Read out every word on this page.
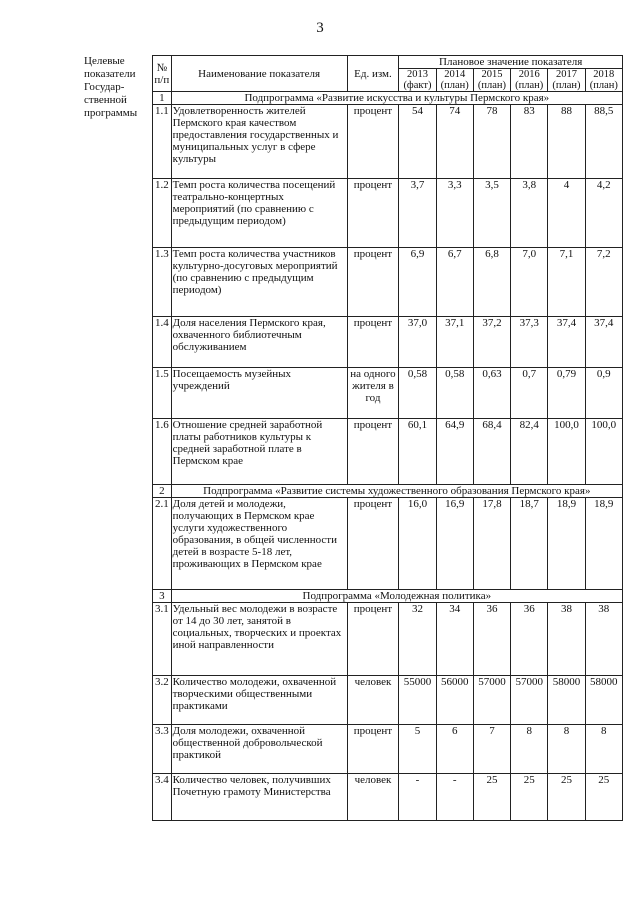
3
Целевые показатели Государ-ственной программы
№ п/п	Наименование показателя	Ед. изм.	Плановое значение показателя					
			2013 (факт)	2014 (план)	2015 (план)	2016 (план)	2017 (план)	2018 (план)
1	Подпрограмма «Развитие искусства и культуры Пермского края»							
1.1	Удовлетворенность жителей Пермского края качеством предоставления государственных и муниципальных услуг в сфере культуры	процент	54	74	78	83	88	88,5
1.2	Темп роста количества посещений театрально-концертных мероприятий (по сравнению с предыдущим периодом)	процент	3,7	3,3	3,5	3,8	4	4,2
1.3	Темп роста количества участников культурно-досуговых мероприятий (по сравнению с предыдущим периодом)	процент	6,9	6,7	6,8	7,0	7,1	7,2
1.4	Доля населения Пермского края, охваченного библиотечным обслуживанием	процент	37,0	37,1	37,2	37,3	37,4	37,4
1.5	Посещаемость музейных учреждений	на одного жителя в год	0,58	0,58	0,63	0,7	0,79	0,9
1.6	Отношение средней заработной платы работников культуры к средней заработной плате в Пермском крае	процент	60,1	64,9	68,4	82,4	100,0	100,0
2	Подпрограмма «Развитие системы художественного образования Пермского края»							
2.1	Доля детей и молодежи, получающих в Пермском крае услуги художественного образования, в общей численности детей в возрасте 5-18 лет, проживающих в Пермском крае	процент	16,0	16,9	17,8	18,7	18,9	18,9
3	Подпрограмма «Молодежная политика»							
3.1	Удельный вес молодежи в возрасте от 14 до 30 лет, занятой в социальных, творческих и проектах иной направленности	процент	32	34	36	36	38	38
3.2	Количество молодежи, охваченной творческими общественными практиками	человек	55000	56000	57000	57000	58000	58000
3.3	Доля молодежи, охваченной общественной добровольческой практикой	процент	5	6	7	8	8	8
3.4	Количество человек, получивших Почетную грамоту Министерства	человек	-	-	25	25	25	25
